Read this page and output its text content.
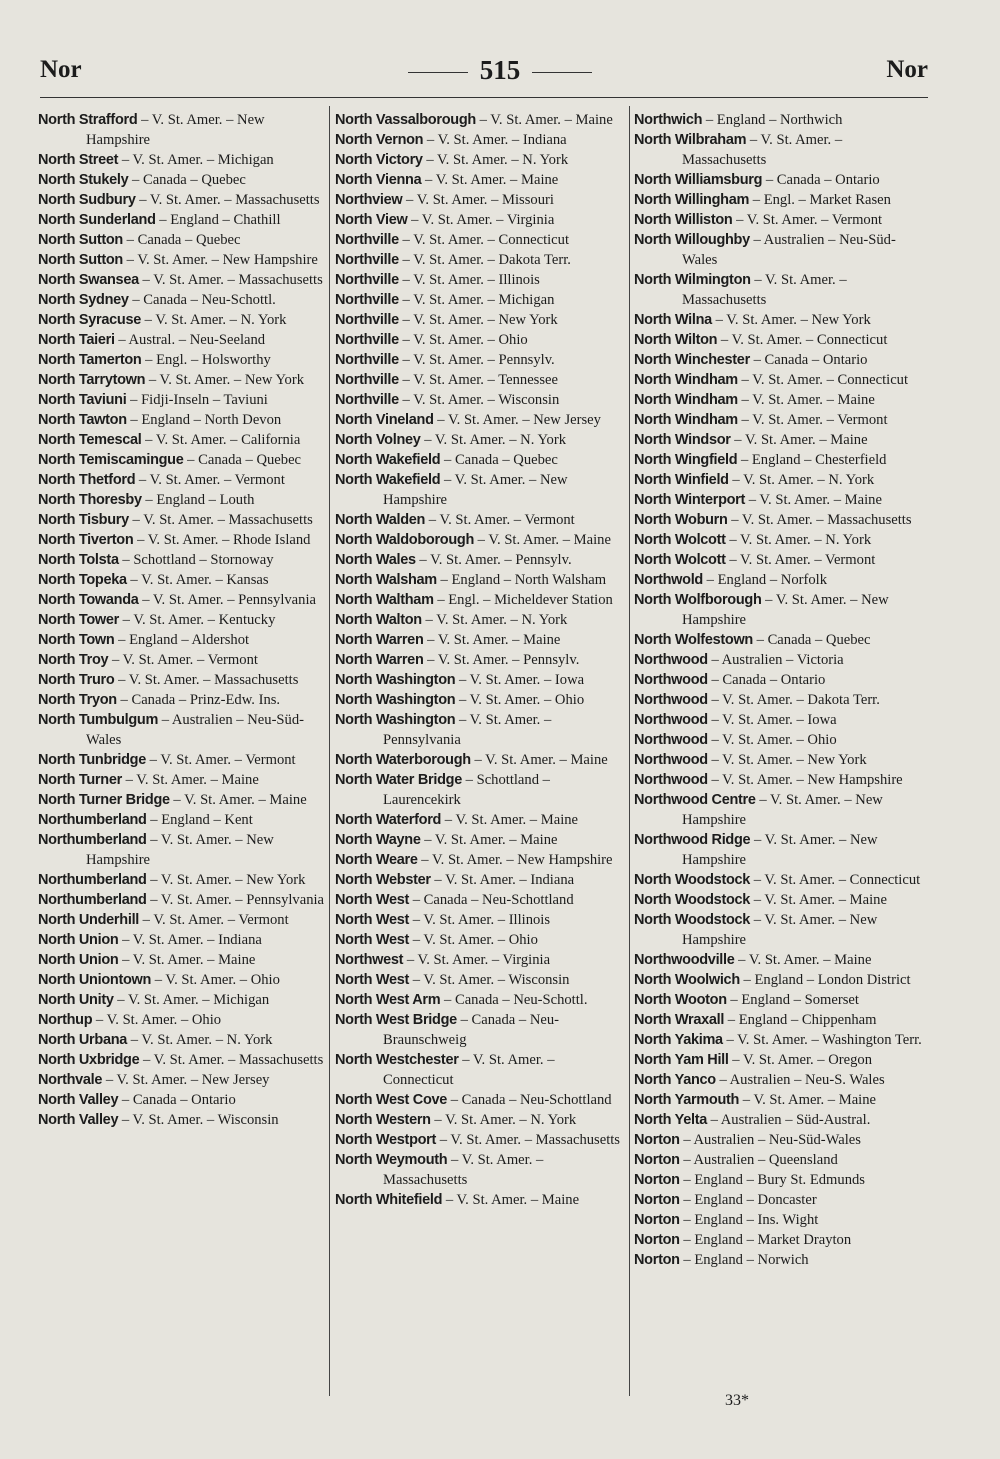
Nor	515	Nor

North Strafford – V. St. Amer. – New Hampshire

North Street – V. St. Amer. – Michigan

North Stukely – Canada – Quebec

North Sudbury – V. St. Amer. – Massachusetts

North Sunderland – England – Chathill

North Sutton – Canada – Quebec

North Sutton – V. St. Amer. – New Hampshire

North Swansea – V. St. Amer. – Massachusetts

North Sydney – Canada – Neu-Schottl.

North Syracuse – V. St. Amer. – N. York

North Taieri – Austral. – Neu-Seeland

North Tamerton – Engl. – Holsworthy

North Tarrytown – V. St. Amer. – New York

North Taviuni – Fidji-Inseln – Taviuni

North Tawton – England – North Devon

North Temescal – V. St. Amer. – California

North Temiscamingue – Canada – Quebec

North Thetford – V. St. Amer. – Vermont

North Thoresby – England – Louth

North Tisbury – V. St. Amer. – Massachusetts

North Tiverton – V. St. Amer. – Rhode Island

North Tolsta – Schottland – Stornoway

North Topeka – V. St. Amer. – Kansas

North Towanda – V. St. Amer. – Pennsylvania

North Tower – V. St. Amer. – Kentucky

North Town – England – Aldershot

North Troy – V. St. Amer. – Vermont

North Truro – V. St. Amer. – Massachusetts

North Tryon – Canada – Prinz-Edw. Ins.

North Tumbulgum – Australien – Neu-Süd-Wales

North Tunbridge – V. St. Amer. – Vermont

North Turner – V. St. Amer. – Maine

North Turner Bridge – V. St. Amer. – Maine

Northumberland – England – Kent

Northumberland – V. St. Amer. – New Hampshire

Northumberland – V. St. Amer. – New York

Northumberland – V. St. Amer. – Pennsylvania

North Underhill – V. St. Amer. – Vermont

North Union – V. St. Amer. – Indiana

North Union – V. St. Amer. – Maine

North Uniontown – V. St. Amer. – Ohio

North Unity – V. St. Amer. – Michigan

Northup – V. St. Amer. – Ohio

North Urbana – V. St. Amer. – N. York

North Uxbridge – V. St. Amer. – Massachusetts

Northvale – V. St. Amer. – New Jersey

North Valley – Canada – Ontario

North Valley – V. St. Amer. – Wisconsin

North Vassalborough – V. St. Amer. – Maine

North Vernon – V. St. Amer. – Indiana

North Victory – V. St. Amer. – N. York

North Vienna – V. St. Amer. – Maine

Northview – V. St. Amer. – Missouri

North View – V. St. Amer. – Virginia

Northville – V. St. Amer. – Connecticut

Northville – V. St. Amer. – Dakota Terr.

Northville – V. St. Amer. – Illinois

Northville – V. St. Amer. – Michigan

Northville – V. St. Amer. – New York

Northville – V. St. Amer. – Ohio

Northville – V. St. Amer. – Pennsylv.

Northville – V. St. Amer. – Tennessee

Northville – V. St. Amer. – Wisconsin

North Vineland – V. St. Amer. – New Jersey

North Volney – V. St. Amer. – N. York

North Wakefield – Canada – Quebec

North Wakefield – V. St. Amer. – New Hampshire

North Walden – V. St. Amer. – Vermont

North Waldoborough – V. St. Amer. – Maine

North Wales – V. St. Amer. – Pennsylv.

North Walsham – England – North Walsham

North Waltham – Engl. – Micheldever Station

North Walton – V. St. Amer. – N. York

North Warren – V. St. Amer. – Maine

North Warren – V. St. Amer. – Pennsylv.

North Washington – V. St. Amer. – Iowa

North Washington – V. St. Amer. – Ohio

North Washington – V. St. Amer. – Pennsylvania

North Waterborough – V. St. Amer. – Maine

North Water Bridge – Schottland – Laurencekirk

North Waterford – V. St. Amer. – Maine

North Wayne – V. St. Amer. – Maine

North Weare – V. St. Amer. – New Hampshire

North Webster – V. St. Amer. – Indiana

North West – Canada – Neu-Schottland

North West – V. St. Amer. – Illinois

North West – V. St. Amer. – Ohio

Northwest – V. St. Amer. – Virginia

North West – V. St. Amer. – Wisconsin

North West Arm – Canada – Neu-Schottl.

North West Bridge – Canada – Neu-Braunschweig

North Westchester – V. St. Amer. – Connecticut

North West Cove – Canada – Neu-Schottland

North Western – V. St. Amer. – N. York

North Westport – V. St. Amer. – Massachusetts

North Weymouth – V. St. Amer. – Massachusetts

North Whitefield – V. St. Amer. – Maine

Northwich – England – Northwich

North Wilbraham – V. St. Amer. – Massachusetts

North Williamsburg – Canada – Ontario

North Willingham – Engl. – Market Rasen

North Williston – V. St. Amer. – Vermont

North Willoughby – Australien – Neu-Süd-Wales

North Wilmington – V. St. Amer. – Massachusetts

North Wilna – V. St. Amer. – New York

North Wilton – V. St. Amer. – Connecticut

North Winchester – Canada – Ontario

North Windham – V. St. Amer. – Connecticut

North Windham – V. St. Amer. – Maine

North Windham – V. St. Amer. – Vermont

North Windsor – V. St. Amer. – Maine

North Wingfield – England – Chesterfield

North Winfield – V. St. Amer. – N. York

North Winterport – V. St. Amer. – Maine

North Woburn – V. St. Amer. – Massachusetts

North Wolcott – V. St. Amer. – N. York

North Wolcott – V. St. Amer. – Vermont

Northwold – England – Norfolk

North Wolfborough – V. St. Amer. – New Hampshire

North Wolfestown – Canada – Quebec

Northwood – Australien – Victoria

Northwood – Canada – Ontario

Northwood – V. St. Amer. – Dakota Terr.

Northwood – V. St. Amer. – Iowa

Northwood – V. St. Amer. – Ohio

Northwood – V. St. Amer. – New York

Northwood – V. St. Amer. – New Hampshire

Northwood Centre – V. St. Amer. – New Hampshire

Northwood Ridge – V. St. Amer. – New Hampshire

North Woodstock – V. St. Amer. – Connecticut

North Woodstock – V. St. Amer. – Maine

North Woodstock – V. St. Amer. – New Hampshire

Northwoodville – V. St. Amer. – Maine

North Woolwich – England – London District

North Wooton – England – Somerset

North Wraxall – England – Chippenham

North Yakima – V. St. Amer. – Washington Terr.

North Yam Hill – V. St. Amer. – Oregon

North Yanco – Australien – Neu-S. Wales

North Yarmouth – V. St. Amer. – Maine

North Yelta – Australien – Süd-Austral.

Norton – Australien – Neu-Süd-Wales

Norton – Australien – Queensland

Norton – England – Bury St. Edmunds

Norton – England – Doncaster

Norton – England – Ins. Wight

Norton – England – Market Drayton

Norton – England – Norwich

33*
